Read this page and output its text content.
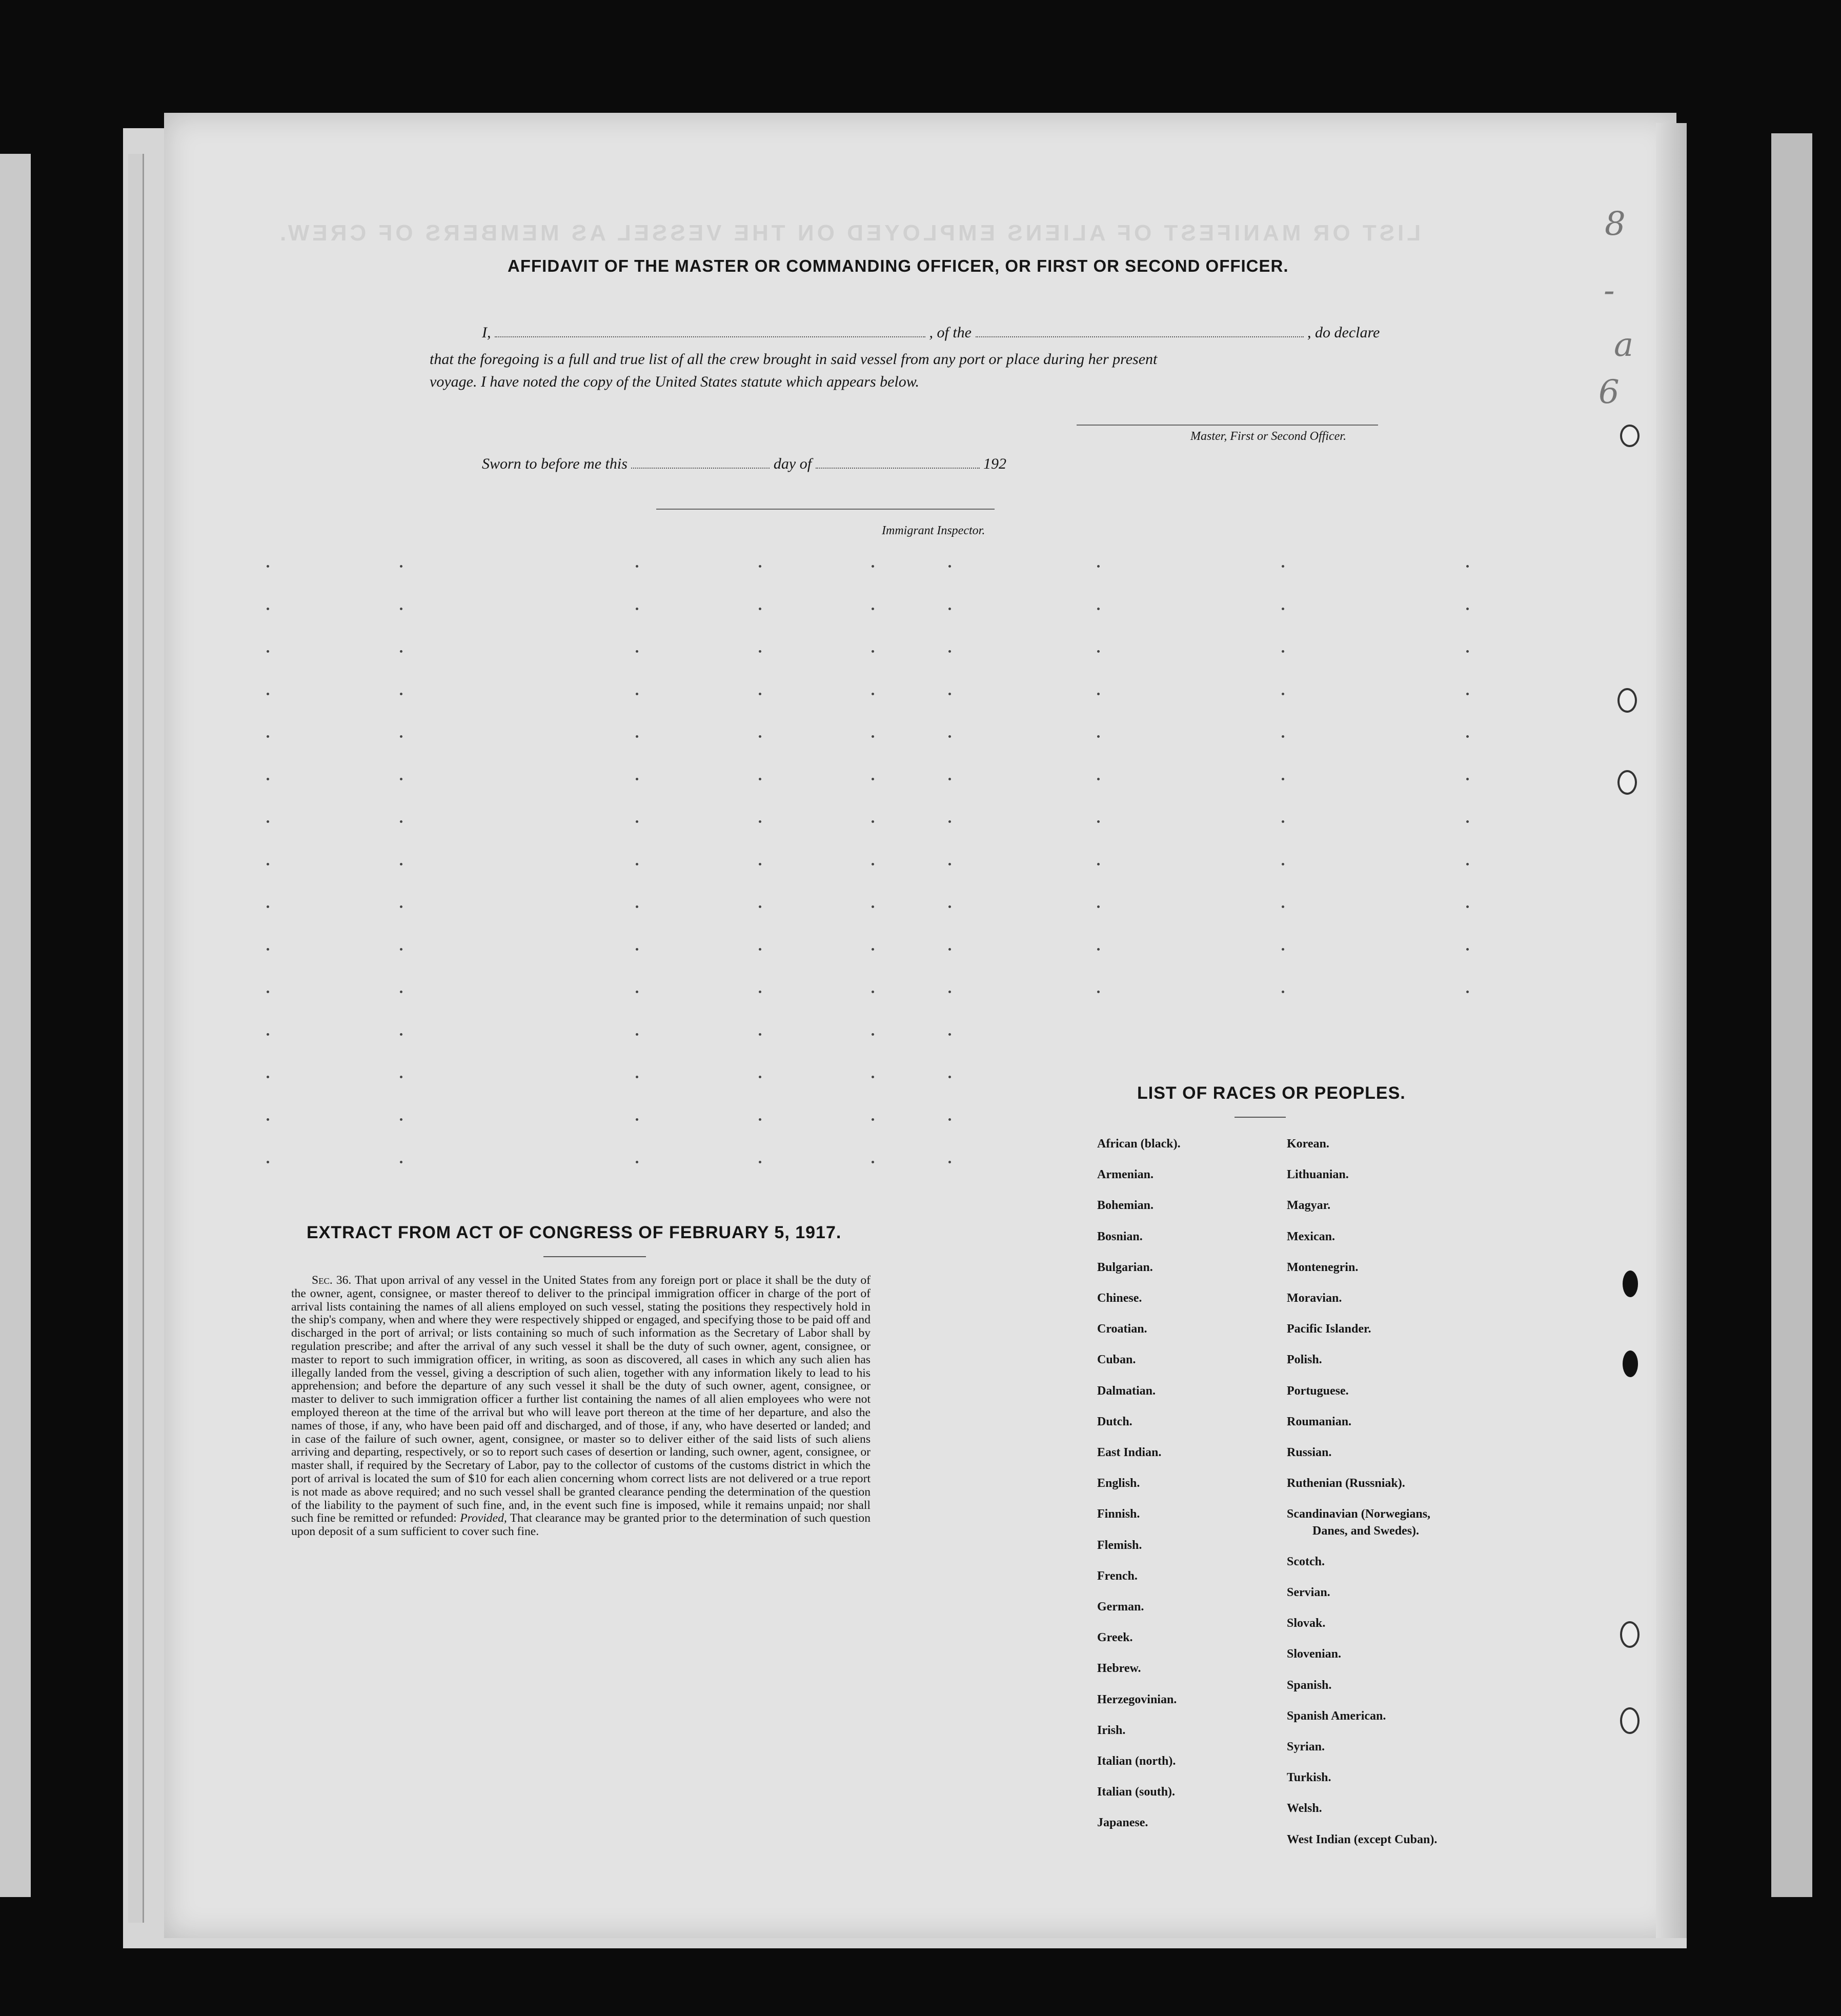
LIST OR MANIFEST OF ALIENS EMPLOYED ON THE VESSEL AS MEMBERS OF CREW.
AFFIDAVIT OF THE MASTER OR COMMANDING OFFICER, OR FIRST OR SECOND OFFICER.
I,	, of the	, do declare
that the foregoing is a full and true list of all the crew brought in said vessel from any port or place during her present
voyage. I have noted the copy of the United States statute which appears below.
Master, First or Second Officer.
Sworn to before me this	day of	192
Immigrant Inspector.
EXTRACT FROM ACT OF CONGRESS OF FEBRUARY 5, 1917.
Sec. 36. That upon arrival of any vessel in the United States from any foreign port or place it shall be the duty of the owner, agent, consignee, or master thereof to deliver to the principal immigration officer in charge of the port of arrival lists containing the names of all aliens employed on such vessel, stating the positions they respectively hold in the ship's company, when and where they were respectively shipped or engaged, and specifying those to be paid off and discharged in the port of arrival; or lists containing so much of such information as the Secretary of Labor shall by regulation prescribe; and after the arrival of any such vessel it shall be the duty of such owner, agent, consignee, or master to report to such immigration officer, in writing, as soon as discovered, all cases in which any such alien has illegally landed from the vessel, giving a description of such alien, together with any information likely to lead to his apprehension; and before the departure of any such vessel it shall be the duty of such owner, agent, consignee, or master to deliver to such immigration officer a further list containing the names of all alien employees who were not employed thereon at the time of the arrival but who will leave port thereon at the time of her departure, and also the names of those, if any, who have been paid off and discharged, and of those, if any, who have deserted or landed; and in case of the failure of such owner, agent, consignee, or master so to deliver either of the said lists of such aliens arriving and departing, respectively, or so to report such cases of desertion or landing, such owner, agent, consignee, or master shall, if required by the Secretary of Labor, pay to the collector of customs of the customs district in which the port of arrival is located the sum of $10 for each alien concerning whom correct lists are not delivered or a true report is not made as above required; and no such vessel shall be granted clearance pending the determination of the question of the liability to the payment of such fine, and, in the event such fine is imposed, while it remains unpaid; nor shall such fine be remitted or refunded: Provided, That clearance may be granted prior to the determination of such question upon deposit of a sum sufficient to cover such fine.
LIST OF RACES OR PEOPLES.
African (black).
Armenian.
Bohemian.
Bosnian.
Bulgarian.
Chinese.
Croatian.
Cuban.
Dalmatian.
Dutch.
East Indian.
English.
Finnish.
Flemish.
French.
German.
Greek.
Hebrew.
Herzegovinian.
Irish.
Italian (north).
Italian (south).
Japanese.
Korean.
Lithuanian.
Magyar.
Mexican.
Montenegrin.
Moravian.
Pacific Islander.
Polish.
Portuguese.
Roumanian.
Russian.
Ruthenian (Russniak).
Scandinavian (Norwegians,
Danes, and Swedes).
Scotch.
Servian.
Slovak.
Slovenian.
Spanish.
Spanish American.
Syrian.
Turkish.
Welsh.
West Indian (except Cuban).
8
-
a
6
